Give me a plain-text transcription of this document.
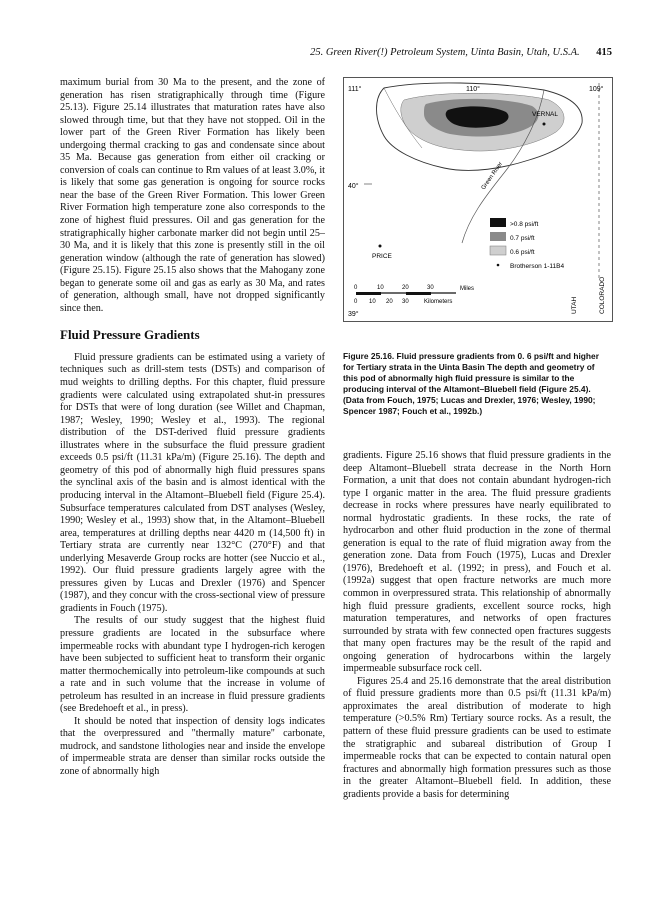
25. Green River(!) Petroleum System, Uinta Basin, Utah, U.S.A. 415

maximum burial from 30 Ma to the present, and the zone of generation has risen stratigraphically through time (Figure 25.13). Figure 25.14 illustrates that maturation rates have also slowed through time, but that they have not stopped. Oil in the lower part of the Green River Formation has likely been undergoing thermal cracking to gas and condensate since about 35 Ma. Because gas generation from either oil cracking or conversion of coals can continue to Rm values of at least 3.0%, it is likely that some gas generation is ongoing for source rocks near the base of the Green River Formation. This lower Green River Formation high temperature zone also corresponds to the zone of highest fluid pressures. Oil and gas generation for the stratigraphically higher carbonate marker did not begin until 25–30 Ma, and it is likely that this zone is presently still in the oil generation window (although the rate of generation has slowed) (Figure 25.15). Figure 25.15 also shows that the Mahogany zone began to generate some oil and gas as early as 30 Ma, and rates of generation, although small, have not dropped significantly since then.

Fluid Pressure Gradients

Fluid pressure gradients can be estimated using a variety of techniques such as drill-stem tests (DSTs) and comparison of mud weights to drilling depths. For this chapter, fluid pressure gradients were calculated using extrapolated shut-in pressures for DSTs that were of long duration (see Willet and Chapman, 1987; Wesley, 1990; Wesley et al., 1993). The regional distribution of the DST-derived fluid pressure gradients illustrates where in the subsurface the fluid pressure gradient exceeds 0.5 psi/ft (11.31 kPa/m) (Figure 25.16). The depth and geometry of this pod of abnormally high fluid pressures spans the synclinal axis of the basin and is almost identical with the producing interval in the Altamont–Bluebell field (Figure 25.4). Subsurface temperatures calculated from DST analyses (Wesley, 1990; Wesley et al., 1993) show that, in the Altamont–Bluebell area, temperatures at drilling depths near 4420 m (14,500 ft) in Tertiary strata are currently near 132°C (270°F) and that underlying Mesaverde Group rocks are hotter (see Nuccio et al., 1992). Our fluid pressure gradients largely agree with the pressures given by Lucas and Drexler (1976) and Spencer (1987), and they concur with the cross-sectional view of pressure gradients in Fouch (1975).

The results of our study suggest that the highest fluid pressure gradients are located in the subsurface where impermeable rocks with abundant type I hydrogen-rich kerogen have been subjected to sufficient heat to transform their organic matter thermochemically into petroleum-like compounds at such a rate and in such volume that the increase in volume of petroleum has resulted in an increase in fluid pressure gradients (see Bredehoeft et al., in press).

It should be noted that inspection of density logs indicates that the overpressured and "thermally mature" carbonate, mudrock, and sandstone lithologies near and inside the envelope of impermeable strata are denser than similar rocks outside the zone of abnormally high

Green River
111°	110°	109°
40°
39°
VERNAL
PRICE
>0.8 psi/ft
0.7 psi/ft
0.6 psi/ft
Brotherson 1-11B4
0	10	20	30	Miles
0 10 20 30	Kilometers	UTAH	COLORADO
Figure 25.16. Fluid pressure gradients from 0. 6 psi/ft and higher for Tertiary strata in the Uinta Basin The depth and geometry of this pod of abnormally high fluid pressure is similar to the producing interval of the Altamont–Bluebell field (Figure 25.4). (Data from Fouch, 1975; Lucas and Drexler, 1976; Wesley, 1990; Spencer 1987; Fouch et al., 1992b.)

gradients. Figure 25.16 shows that fluid pressure gradients in the deep Altamont–Bluebell strata decrease in the North Horn Formation, a unit that does not contain abundant hydrogen-rich type I organic matter in the area. The fluid pressure gradients decrease in rocks where pressures have nearly equilibrated to normal hydrostatic gradients. In these rocks, the rate of hydrocarbon and other fluid production in the zone of thermal generation is equal to the rate of fluid migration away from the generation zone. Data from Fouch (1975), Lucas and Drexler (1976), Bredehoeft et al. (1992; in press), and Fouch et al. (1992a) suggest that open fracture networks are much more common in overpressured strata. This relationship of abnormally high fluid pressure gradients, excellent source rocks, high maturation temperatures, and networks of open fractures surrounded by strata with few connected open fractures suggests that many open fractures may be the result of the rapid and ongoing generation of hydrocarbons within the largely impermeable subsurface rock cell.

Figures 25.4 and 25.16 demonstrate that the areal distribution of fluid pressure gradients more than 0.5 psi/ft (11.31 kPa/m) approximates the areal distribution of moderate to high temperature (>0.5% Rm) Tertiary source rocks. As a result, the pattern of these fluid pressure gradients can be used to estimate the stratigraphic and subareal distribution of Group I impermeable rocks that can be expected to contain natural open fractures and abnormally high formation pressures such as those in the greater Altamont–Bluebell field. In addition, these gradients provide a basis for determining
